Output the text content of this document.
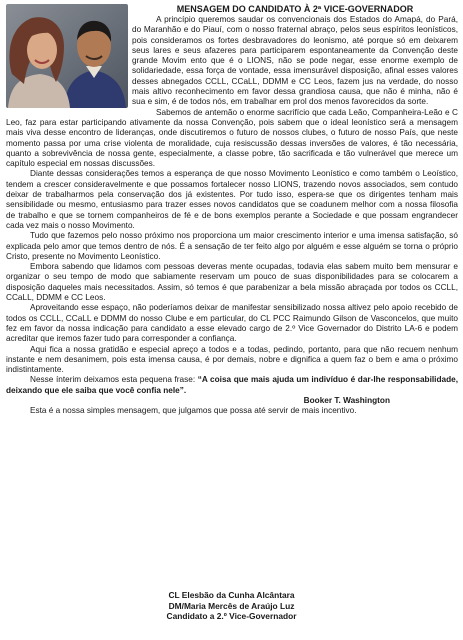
MENSAGEM DO CANDIDATO À 2ª VICE-GOVERNADOR

A princípio queremos saudar os convencionais dos Estados do Amapá, do Pará, do Maranhão e do Piauí, com o nosso fraternal abraço, pelos seus espíritos leonísticos, pois consideramos os fortes desbravadores do leonismo, até porque só em deixarem seus lares e seus afazeres para participarem espontaneamente da Convenção deste grande Movim ento que é o LIONS, não se pode negar, esse enorme exemplo de solidariedade, essa força de vontade, essa imensurável disposição, afinal esses valores desses abnegados CCLL, CCaLL, DDMM e CC Leos, fazem jus na verdade, do nosso mais altivo reconhecimento em favor dessa grandiosa causa, que não é minha, não é sua e sim, é de todos nós, em trabalhar em prol dos menos favorecidos da sorte.

Sabemos de antemão o enorme sacrifício que cada Leão, Companheira-Leão e C Leo, faz para estar participando ativamente da nossa Convenção, pois sabem que o ideal leonístico será a mensagem mais viva desse encontro de lideranças, onde discutiremos o futuro de nossos clubes, o futuro de nosso País, que neste momento passa por uma crise violenta de moralidade, cuja resiscussão dessas inversões de valores, é tão necessária, quanto a sobrevivência de nossa gente, especialmente, a classe pobre, tão sacrificada e tão vulnerável que merece um capítulo especial em nossas discussões.

Diante dessas considerações temos a esperança de que nosso Movimento Leonístico e como também o Leoístico, tendem a crescer consideravelmente e que possamos fortalecer nosso LIONS, trazendo novos associados, sem contudo deixar de trabalharmos pela conservação dos já existentes. Por tudo isso, espera-se que os dirigentes tenham mais sensibilidade ou mesmo, entusiasmo para trazer esses novos candidatos que se coadunem melhor com a nossa filosofia de trabalho e que se tornem companheiros de fé e de bons exemplos perante a Sociedade e que possam engrandecer cada vez mais o nosso Movimento.

Tudo que fazemos pelo nosso próximo nos proporciona um maior crescimento interior e uma imensa satisfação, só explicada pelo amor que temos dentro de nós. É a sensação de ter feito algo por alguém e esse alguém se torna o próprio Cristo, presente no Movimento Leonístico.

Embora sabendo que lidamos com pessoas deveras mente ocupadas, todavia elas sabem muito bem mensurar e organizar o seu tempo de modo que sabiamente reservam um pouco de suas disponibilidades para se colocarem a disposição daqueles mais necessitados. Assim, só temos é que parabenizar a bela missão abraçada por todos os CCLL, CCaLL, DDMM e CC Leos.

Aproveitando esse espaço, não poderíamos deixar de manifestar sensibilizado nossa altivez pelo apoio recebido de todos os CCLL, CCaLL e DDMM do nosso Clube e em particular, do CL PCC Raimundo Gilson de Vasconcelos, que muito fez em favor da nossa indicação para candidato a esse elevado cargo de 2.º Vice Governador do Distrito LA-6 e podem acreditar que iremos fazer tudo para corresponder a confiança.

Aqui fica a nossa gratidão e especial apreço a todos e a todas, pedindo, portanto, para que não recuem nenhum instante e nem desanimem, pois esta imensa causa, é por demais, nobre e dignifica a quem faz o bem e ama o próximo indistintamente.

Nesse ínterim deixamos esta pequena frase: “A coisa que mais ajuda um indivíduo é dar-lhe responsabilidade, deixando que ele saiba que você confia nele”.

Booker T. Washington

Esta é a nossa simples mensagem, que julgamos que possa até servir de mais incentivo.

CL Elesbão da Cunha Alcântara
DM/Maria Mercês de Araújo Luz
Candidato a 2.º Vice-Governador
